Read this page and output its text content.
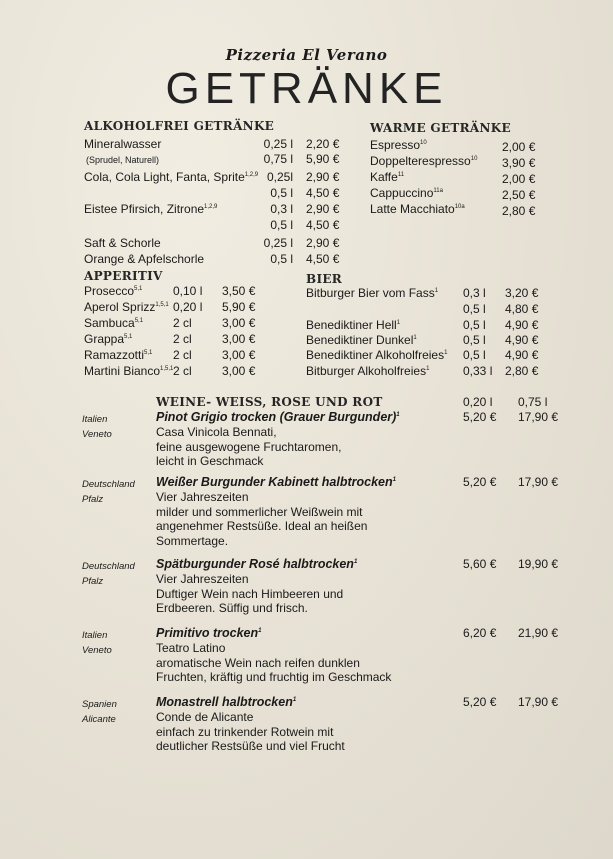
Pizzeria El Verano
GETRÄNKE
ALKOHOLFREI GETRÄNKE
Mineralwasser	0,25 l 2,20 €
(Sprudel, Naturell)	0,75 l 5,90 €
Cola, Cola Light, Fanta, Sprite$^{1,2,9}$ 0,25l 2,90 €
0,5 l 4,50 €
Eistee Pfirsich, Zitrone$^{1,2,9}$	0,3 l 2,90 €
0,5 l 4,50 €
Saft & Schorle	0,25 l 2,90 €
Orange & Apfelschorle	0,5 l 4,50 €
WARME GETRÄNKE
Espresso$^{10}$	2,00 €
Doppelterespresso$^{10}$ 3,90 €
Kaffe$^{11}$	2,00 €
Cappuccino$^{11a}$	2,50 €
Latte Macchiato$^{10a}$	2,80 €
APPERITIV
Prosecco$^{5,1}$	0,10 l 3,50 €
Aperol Sprizz$^{1,5,1}$ 0,20 l 5,90 €
Sambuca$^{5,1}$ 2 cl	3,00 €
Grappa$^{5,1}$	2 cl	3,00 €
Ramazzotti$^{5,1}$ 2 cl	3,00 €
Martini Bianco$^{1,5,1}$ 2 cl	3,00 €
BIER
Bitburger Bier vom Fass$^1$ 0,3 l 3,20 €
0,5 l 4,80 €
Benediktiner Hell$^1$	0,5 l 4,90 €
Benediktiner Dunkel$^1$	0,5 l 4,90 €
Benediktiner Alkoholfreies$^1$ 0,5 l 4,90 €
Bitburger Alkoholfreies$^1$	0,33 l 2,80 €
WEINE- WEISS, ROSE UND ROT	0,20 l 0,75 l
Italien
Veneto
Pinot Grigio trocken (Grauer Burgunder)$^1$
Casa Vinicola Bennati,
feine ausgewogene Fruchtaromen,
leicht in Geschmack
5,20 € 17,90 €
Deutschland
Pfalz
Weißer Burgunder Kabinett halbtrocken$^1$
Vier Jahreszeiten
milder und sommerlicher Weißwein mit
angenehmer Restsüße. Ideal an heißen
Sommertage.
5,20 € 17,90 €
Deutschland
Pfalz
Spätburgunder Rosé halbtrocken$^1$
Vier Jahreszeiten
Duftiger Wein nach Himbeeren und
Erdbeeren. Süffig und frisch.
5,60 € 19,90 €
Italien
Veneto
Primitivo trocken$^1$
Teatro Latino
aromatische Wein nach reifen dunklen
Fruchten, kräftig und fruchtig im Geschmack
6,20 € 21,90 €
Spanien
Alicante
Monastrell halbtrocken$^1$
Conde de Alicante
einfach zu trinkender Rotwein mit
deutlicher Restsüße und viel Frucht
5,20 € 17,90 €
